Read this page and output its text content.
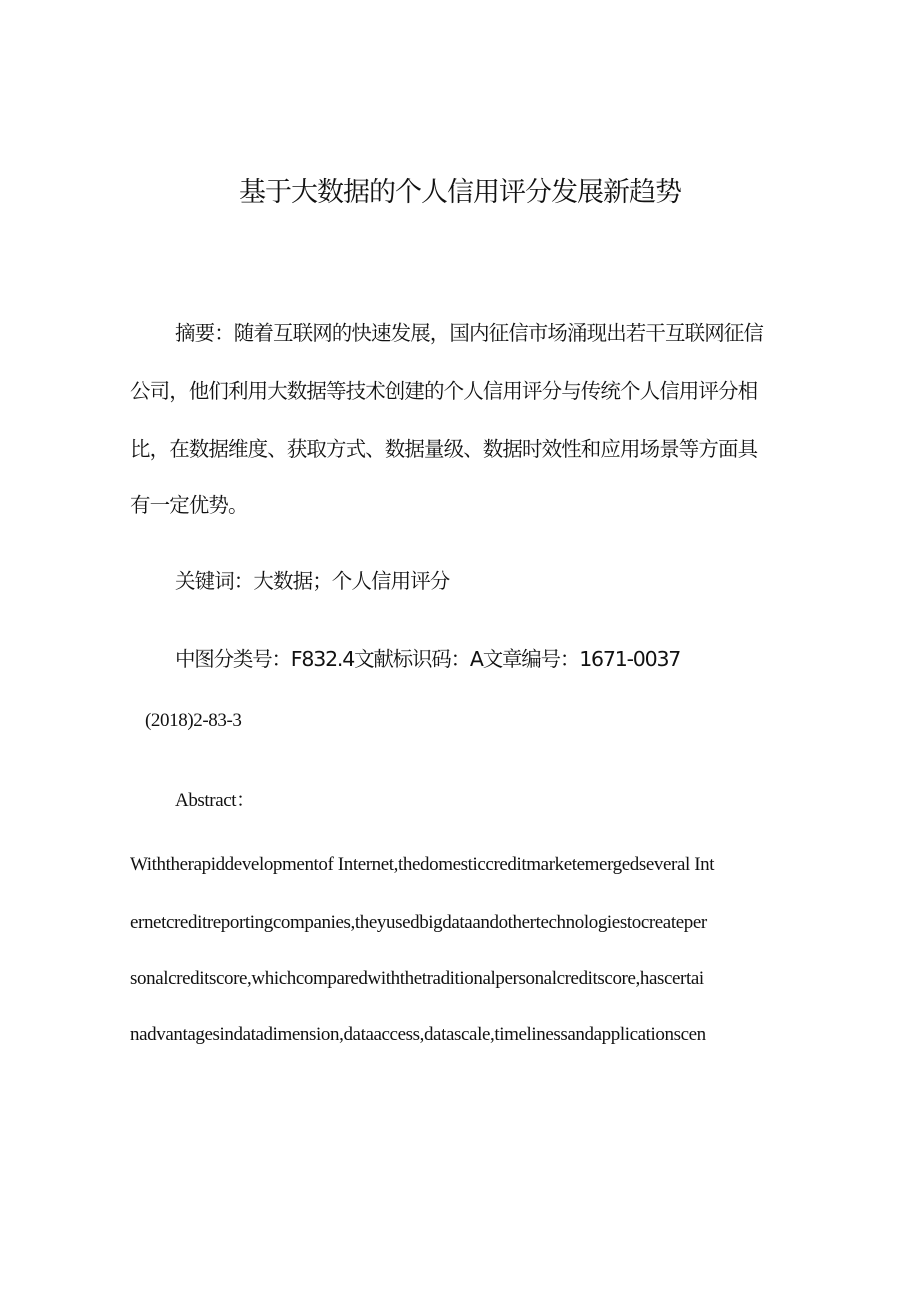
基于大数据的个人信用评分发展新趋势
摘要：随着互联网的快速发展，国内征信市场涌现出若干互联网征信
公司，他们利用大数据等技术创建的个人信用评分与传统个人信用评分相
比，在数据维度、获取方式、数据量级、数据时效性和应用场景等方面具
有一定优势。
关键词：大数据；个人信用评分
中图分类号：F832.4文献标识码：A文章编号：1671-0037
(2018)2-83-3
Abstract：
Withtherapiddevelopmentof Internet,thedomesticcreditmarketemergedseveral Int
ernetcreditreportingcompanies,theyusedbigdataandothertechnologiestocreateper
sonalcreditscore,whichcomparedwiththetraditionalpersonalcreditscore,hascertai
nadvantagesindatadimension,dataaccess,datascale,timelinessandapplicationscen
